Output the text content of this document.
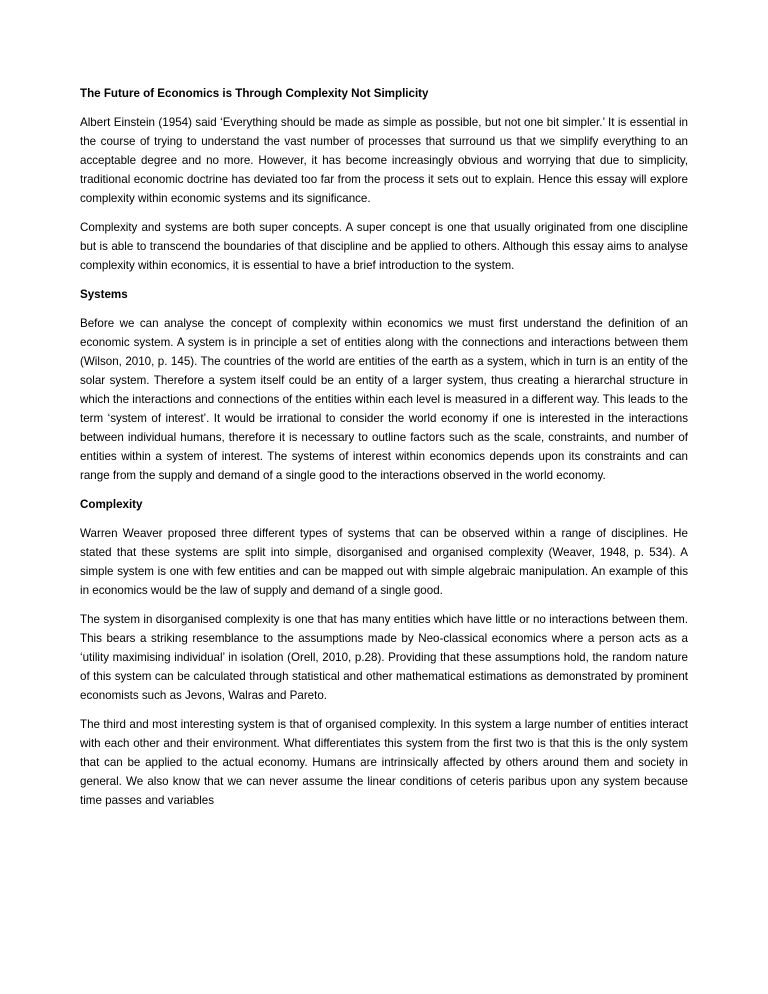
The Future of Economics is Through Complexity Not Simplicity

Albert Einstein (1954) said ‘Everything should be made as simple as possible, but not one bit simpler.’ It is essential in the course of trying to understand the vast number of processes that surround us that we simplify everything to an acceptable degree and no more. However, it has become increasingly obvious and worrying that due to simplicity, traditional economic doctrine has deviated too far from the process it sets out to explain. Hence this essay will explore complexity within economic systems and its significance.

Complexity and systems are both super concepts. A super concept is one that usually originated from one discipline but is able to transcend the boundaries of that discipline and be applied to others. Although this essay aims to analyse complexity within economics, it is essential to have a brief introduction to the system.

Systems

Before we can analyse the concept of complexity within economics we must first understand the definition of an economic system. A system is in principle a set of entities along with the connections and interactions between them (Wilson, 2010, p. 145). The countries of the world are entities of the earth as a system, which in turn is an entity of the solar system. Therefore a system itself could be an entity of a larger system, thus creating a hierarchal structure in which the interactions and connections of the entities within each level is measured in a different way. This leads to the term ‘system of interest’. It would be irrational to consider the world economy if one is interested in the interactions between individual humans, therefore it is necessary to outline factors such as the scale, constraints, and number of entities within a system of interest. The systems of interest within economics depends upon its constraints and can range from the supply and demand of a single good to the interactions observed in the world economy.

Complexity

Warren Weaver proposed three different types of systems that can be observed within a range of disciplines. He stated that these systems are split into simple, disorganised and organised complexity (Weaver, 1948, p. 534). A simple system is one with few entities and can be mapped out with simple algebraic manipulation. An example of this in economics would be the law of supply and demand of a single good.

The system in disorganised complexity is one that has many entities which have little or no interactions between them. This bears a striking resemblance to the assumptions made by Neo-classical economics where a person acts as a ‘utility maximising individual’ in isolation (Orell, 2010, p.28). Providing that these assumptions hold, the random nature of this system can be calculated through statistical and other mathematical estimations as demonstrated by prominent economists such as Jevons, Walras and Pareto.

The third and most interesting system is that of organised complexity. In this system a large number of entities interact with each other and their environment. What differentiates this system from the first two is that this is the only system that can be applied to the actual economy. Humans are intrinsically affected by others around them and society in general. We also know that we can never assume the linear conditions of ceteris paribus upon any system because time passes and variables
